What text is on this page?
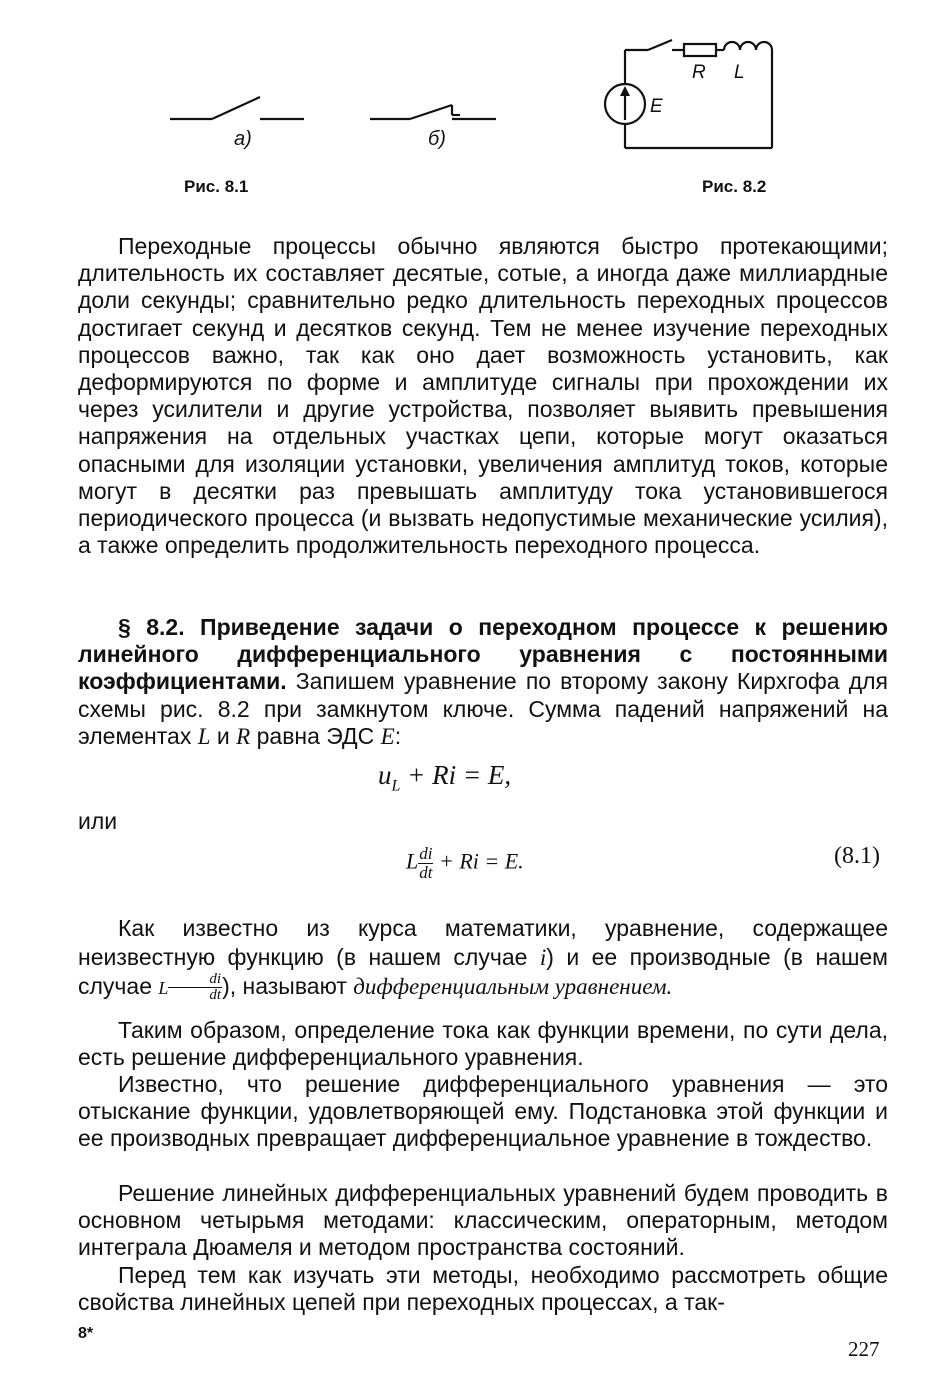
а)	б)
Рис. 8.1
R L
E
Рис. 8.2

Переходные процессы обычно являются быстро протекающими; длительность их составляет десятые, сотые, а иногда даже миллиардные доли секунды; сравнительно редко длительность переходных процессов достигает секунд и десятков секунд. Тем не менее изучение переходных процессов важно, так как оно дает возможность установить, как деформируются по форме и амплитуде сигналы при прохождении их через усилители и другие устройства, позволяет выявить превышения напряжения на отдельных участках цепи, которые могут оказаться опасными для изоляции установки, увеличения амплитуд токов, которые могут в десятки раз превышать амплитуду тока установившегося периодического процесса (и вызвать недопустимые механические усилия), а также определить продолжительность переходного процесса.

§ 8.2. Приведение задачи о переходном процессе к решению линейного дифференциального уравнения с постоянными коэффициентами. Запишем уравнение по второму закону Кирхгофа для схемы рис. 8.2 при замкнутом ключе. Сумма падений напряжений на элементах L и R равна ЭДС E:

$u_L + Ri = E$,
или
L $\frac{di}{dt} + Ri = E$.	(8.1)

Как известно из курса математики, уравнение, содержащее неизвестную функцию (в нашем случае i) и ее производные (в нашем случае L $\frac{di}{dt}$ ), называют дифференциальным уравнением.

Таким образом, определение тока как функции времени, по сути дела, есть решение дифференциального уравнения.

Известно, что решение дифференциального уравнения — это отыскание функции, удовлетворяющей ему. Подстановка этой функции и ее производных превращает дифференциальное уравнение в тождество.

Решение линейных дифференциальных уравнений будем проводить в основном четырьмя методами: классическим, операторным, методом интеграла Дюамеля и методом пространства состояний.

Перед тем как изучать эти методы, необходимо рассмотреть общие свойства линейных цепей при переходных процессах, а так-

8*
227
